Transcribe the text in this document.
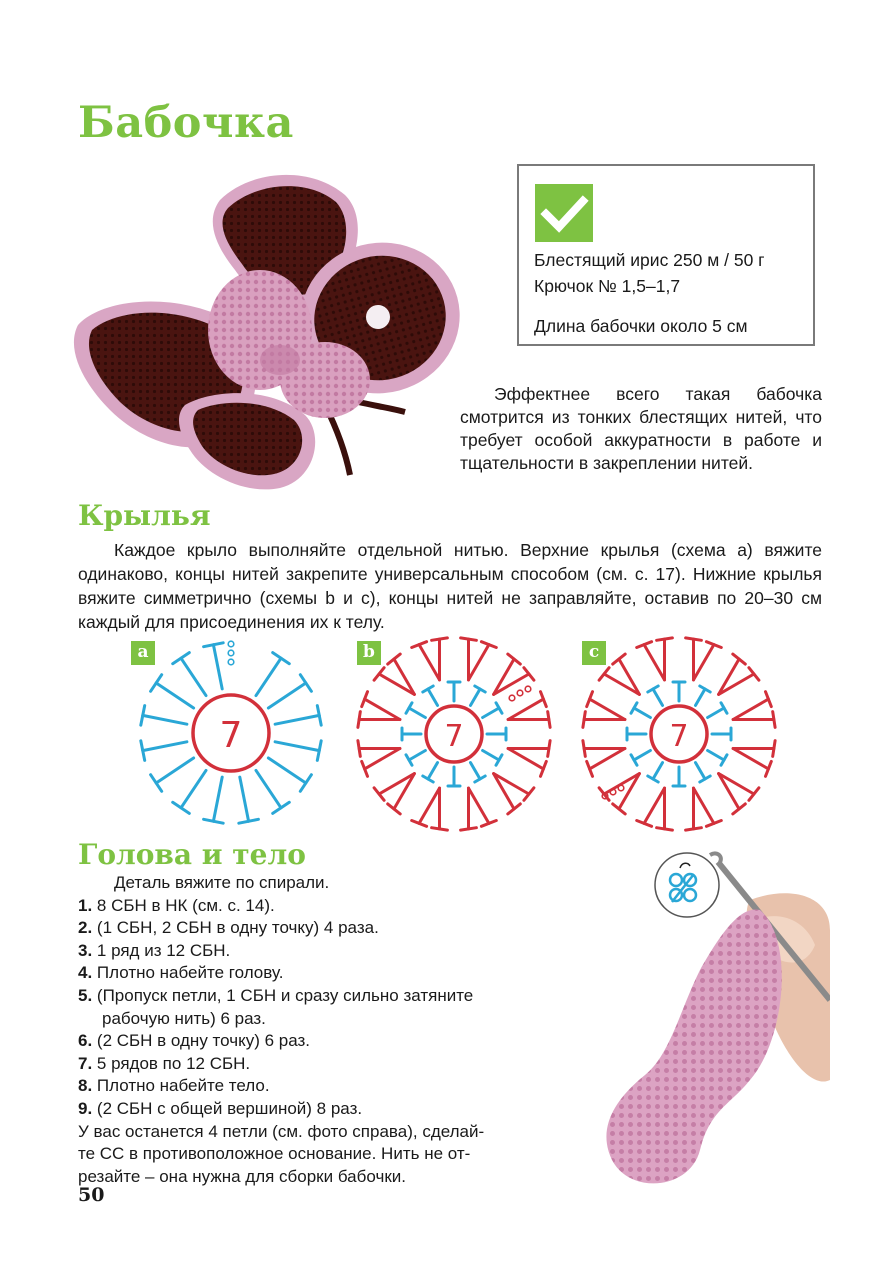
Бабочка
Блестящий ирис 250 м / 50 г
Крючок № 1,5–1,7
Длина бабочки около 5 см

Эффектнее всего такая бабочка смотрится из тонких блестящих нитей, что требует особой аккуратности в работе и тщательности в закреплении нитей.

Крылья

Каждое крыло выполняйте отдельной нитью. Верхние крылья (схема a) вяжите одинаково, концы нитей закрепите универсальным способом (см. с. 17). Нижние крылья вяжите симметрично (схемы b и c), концы нитей не заправляйте, оставив по 20–30 см каждый для присоединения их к телу.

a	b	c
7	7	7
Голова и тело
Деталь вяжите по спирали.
1. 8 СБН в НК (см. с. 14).
2. (1 СБН, 2 СБН в одну точку) 4 раза.
3. 1 ряд из 12 СБН.
4. Плотно набейте голову.
5. (Пропуск петли, 1 СБН и сразу сильно затяните
рабочую нить) 6 раз.
6. (2 СБН в одну точку) 6 раз.
7. 5 рядов по 12 СБН.
8. Плотно набейте тело.
9. (2 СБН с общей вершиной) 8 раз.
У вас останется 4 петли (см. фото справа), сделай-
те СС в противоположное основание. Нить не от-
резайте – она нужна для сборки бабочки.
50
